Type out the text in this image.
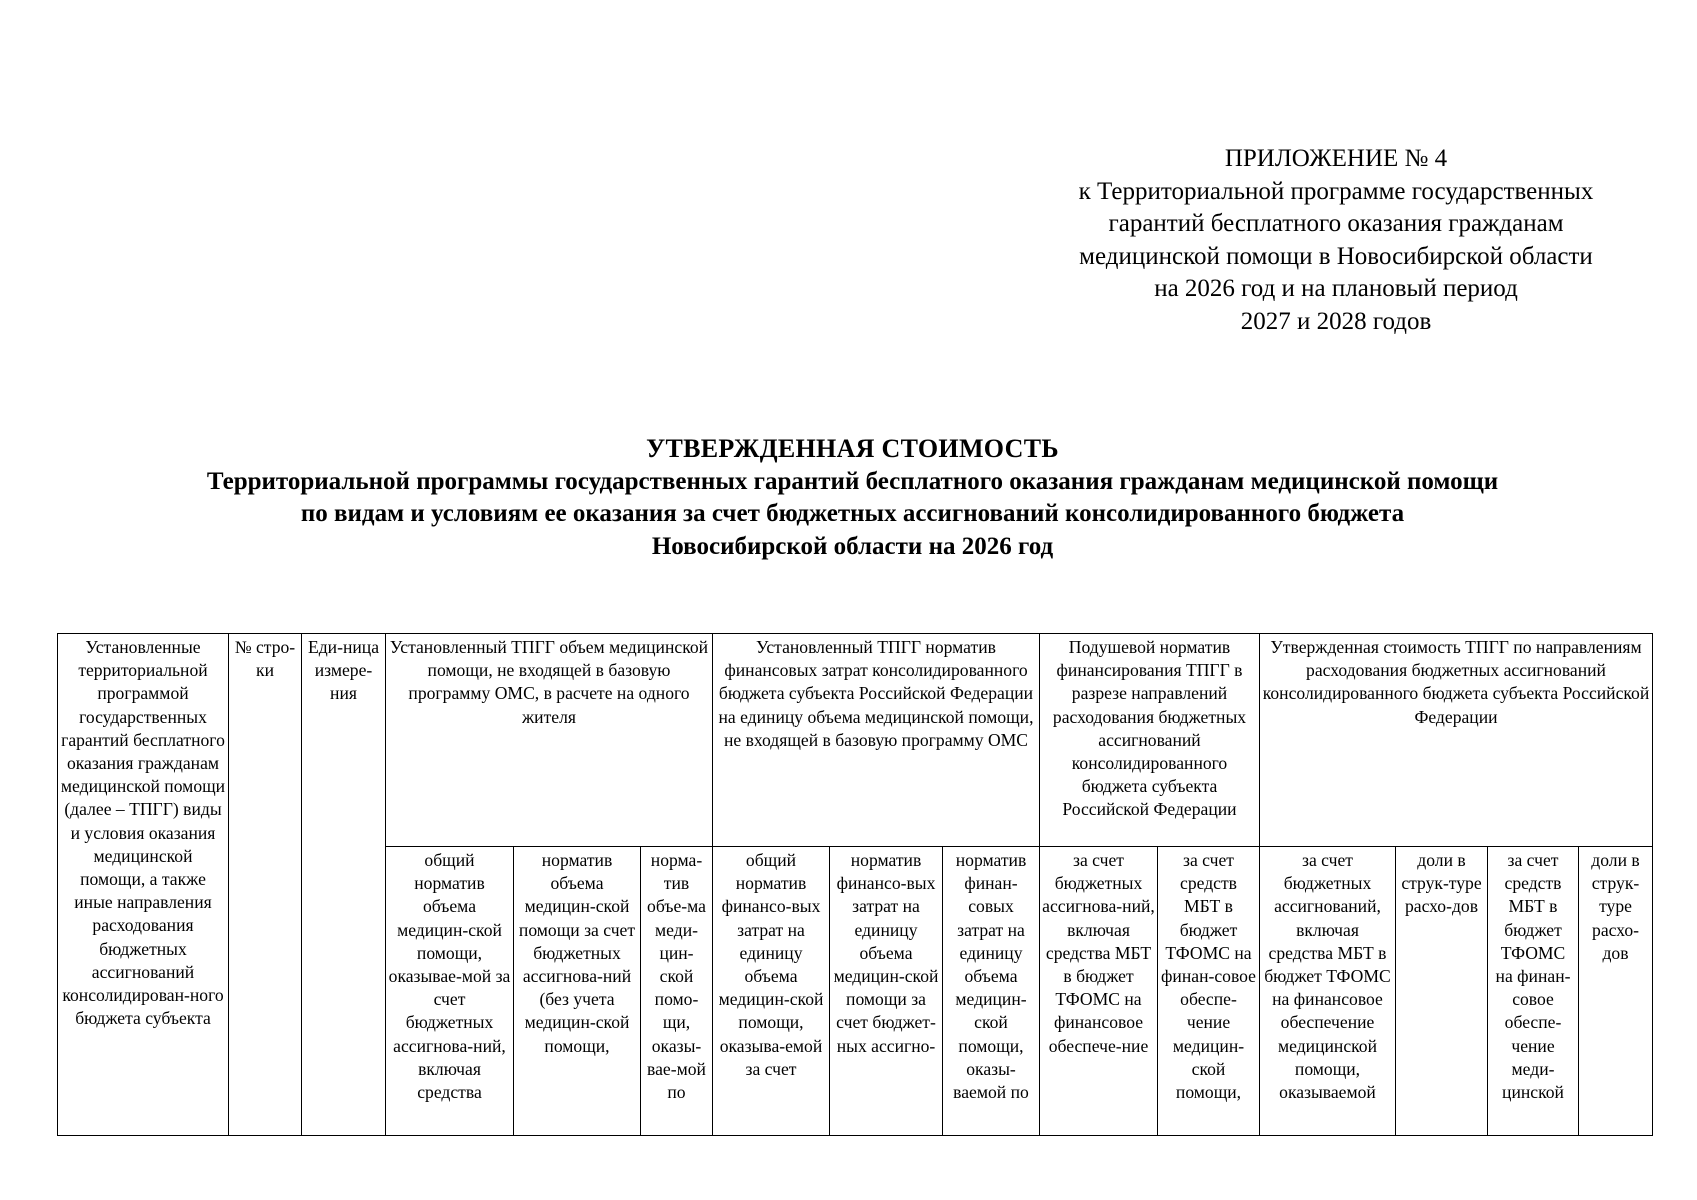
ПРИЛОЖЕНИЕ № 4
к Территориальной программе государственных
гарантий бесплатного оказания гражданам
медицинской помощи в Новосибирской области
на 2026 год и на плановый период
2027 и 2028 годов
УТВЕРЖДЕННАЯ СТОИМОСТЬ
Территориальной программы государственных гарантий бесплатного оказания гражданам медицинской помощи
по видам и условиям ее оказания за счет бюджетных ассигнований консолидированного бюджета
Новосибирской области на 2026 год
Установленные территориальной программой государственных гарантий бесплатного оказания гражданам медицинской помощи (далее – ТПГГ) виды и условия оказания медицинской помощи, а также иные направления расходования бюджетных ассигнований консолидирован-ного бюджета субъекта	№ стро-ки	Еди-ница измере-ния	Установленный ТПГГ объем медицинской помощи, не входящей в базовую программу ОМС, в расчете на одного жителя			Установленный ТПГГ норматив финансовых затрат консолидированного бюджета субъекта Российской Федерации на единицу объема медицинской помощи, не входящей в базовую программу ОМС			Подушевой норматив финансирования ТПГГ в разрезе направлений расходования бюджетных ассигнований консолидированного бюджета субъекта Российской Федерации		Утвержденная стоимость ТПГГ по направлениям расходования бюджетных ассигнований консолидированного бюджета субъекта Российской Федерации			
			общий норматив объема медицин-ской помощи, оказывае-мой за счет бюджетных ассигнова-ний, включая средства	норматив объема медицин-ской помощи за счет бюджетных ассигнова-ний (без учета медицин-ской помощи,	норма-тив объе-ма меди-цин-ской помо-щи, оказы-вае-мой по	общий норматив финансо-вых затрат на единицу объема медицин-ской помощи, оказыва-емой за счет	норматив финансо-вых затрат на единицу объема медицин-ской помощи за счет бюджет-ных ассигно-	норматив финан-совых затрат на единицу объема медицин-ской помощи, оказы-ваемой по	за счет бюджетных ассигнова-ний, включая средства МБТ в бюджет ТФОМС на финансовое обеспече-ние	за счет средств МБТ в бюджет ТФОМС на финан-совое обеспе-чение медицин-ской помощи,	за счет бюджетных ассигнований, включая средства МБТ в бюджет ТФОМС на финансовое обеспечение медицинской помощи, оказываемой	доли в струк-туре расхо-дов	за счет средств МБТ в бюджет ТФОМС на финан-совое обеспе-чение меди-цинской	доли в струк-туре расхо-дов
